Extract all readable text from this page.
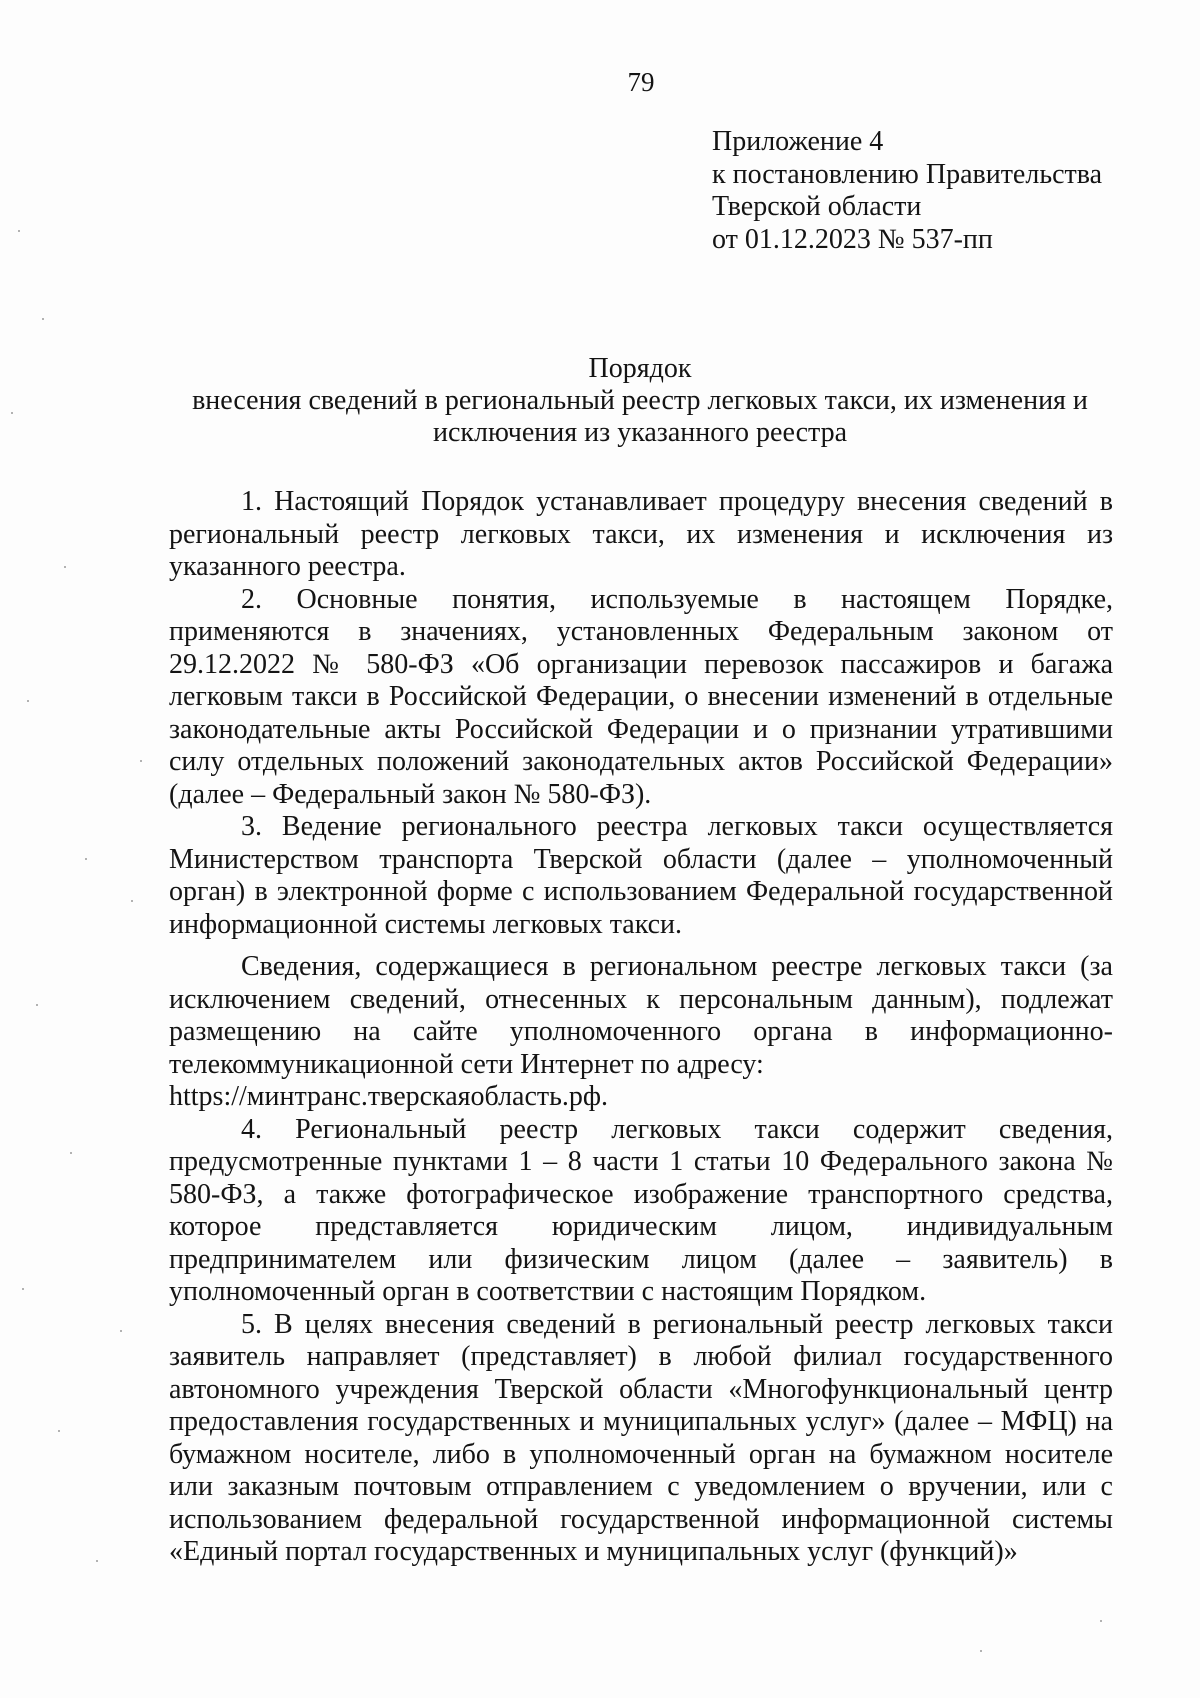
79
Приложение 4
к постановлению Правительства
Тверской области
от 01.12.2023 № 537-пп
Порядок
внесения сведений в региональный реестр легковых такси, их изменения и
исключения из указанного реестра

1. Настоящий Порядок устанавливает процедуру внесения сведений в региональный реестр легковых такси, их изменения и исключения из указанного реестра.

2. Основные понятия, используемые в настоящем Порядке, применяются в значениях, установленных Федеральным законом от 29.12.2022 № 580-ФЗ «Об организации перевозок пассажиров и багажа легковым такси в Российской Федерации, о внесении изменений в отдельные законодательные акты Российской Федерации и о признании утратившими силу отдельных положений законодательных актов Российской Федерации» (далее – Федеральный закон № 580-ФЗ).

3. Ведение регионального реестра легковых такси осуществляется Министерством транспорта Тверской области (далее – уполномоченный орган) в электронной форме с использованием Федеральной государственной информационной системы легковых такси.

Сведения, содержащиеся в региональном реестре легковых такси (за исключением сведений, отнесенных к персональным данным), подлежат размещению на сайте уполномоченного органа в информационно-телекоммуникационной сети Интернет по адресу:
https://минтранс.тверскаяобласть.рф.

4. Региональный реестр легковых такси содержит сведения, предусмотренные пунктами 1 – 8 части 1 статьи 10 Федерального закона № 580-ФЗ, а также фотографическое изображение транспортного средства, которое представляется юридическим лицом, индивидуальным предпринимателем или физическим лицом (далее – заявитель) в уполномоченный орган в соответствии с настоящим Порядком.

5. В целях внесения сведений в региональный реестр легковых такси заявитель направляет (представляет) в любой филиал государственного автономного учреждения Тверской области «Многофункциональный центр предоставления государственных и муниципальных услуг» (далее – МФЦ) на бумажном носителе, либо в уполномоченный орган на бумажном носителе или заказным почтовым отправлением с уведомлением о вручении, или с использованием федеральной государственной информационной системы «Единый портал государственных и муниципальных услуг (функций)»
